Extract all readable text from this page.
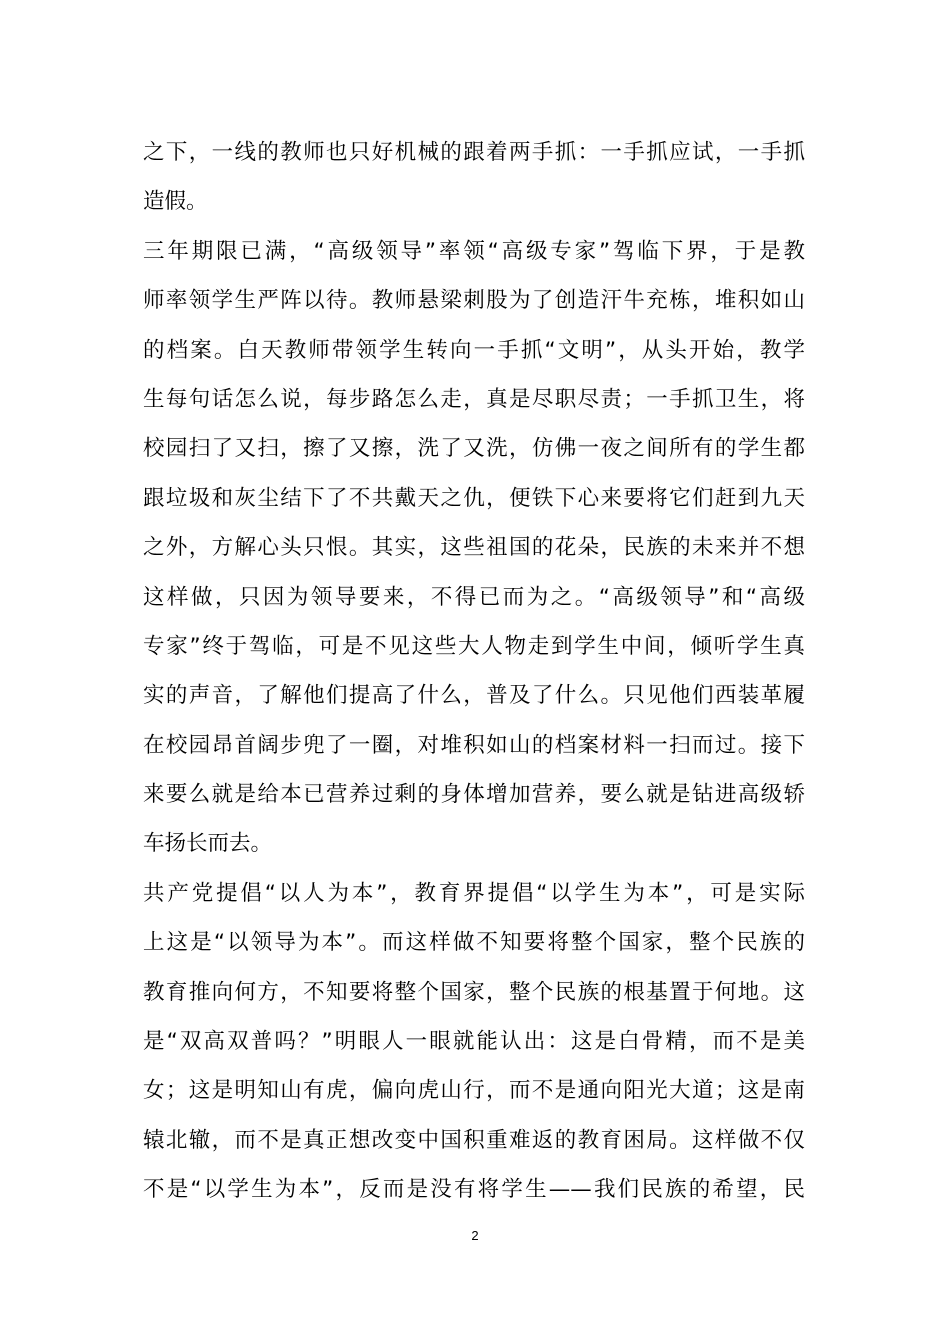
之下，一线的教师也只好机械的跟着两手抓：一手抓应试，一手抓
造假。
三年期限已满，“高级领导”率领“高级专家”驾临下界，于是教
师率领学生严阵以待。教师悬梁刺股为了创造汗牛充栋，堆积如山
的档案。白天教师带领学生转向一手抓“文明”，从头开始，教学
生每句话怎么说，每步路怎么走，真是尽职尽责；一手抓卫生，将
校园扫了又扫，擦了又擦，洗了又洗，仿佛一夜之间所有的学生都
跟垃圾和灰尘结下了不共戴天之仇，便铁下心来要将它们赶到九天
之外，方解心头只恨。其实，这些祖国的花朵，民族的未来并不想
这样做，只因为领导要来，不得已而为之。“高级领导”和“高级
专家”终于驾临，可是不见这些大人物走到学生中间，倾听学生真
实的声音，了解他们提高了什么，普及了什么。只见他们西装革履
在校园昂首阔步兜了一圈，对堆积如山的档案材料一扫而过。接下
来要么就是给本已营养过剩的身体增加营养，要么就是钻进高级轿
车扬长而去。
共产党提倡“以人为本”，教育界提倡“以学生为本”，可是实际
上这是“以领导为本”。而这样做不知要将整个国家，整个民族的
教育推向何方，不知要将整个国家，整个民族的根基置于何地。这
是“双高双普吗？”明眼人一眼就能认出：这是白骨精，而不是美
女；这是明知山有虎，偏向虎山行，而不是通向阳光大道；这是南
辕北辙，而不是真正想改变中国积重难返的教育困局。这样做不仅
不是“以学生为本”，反而是没有将学生——我们民族的希望，民
2
